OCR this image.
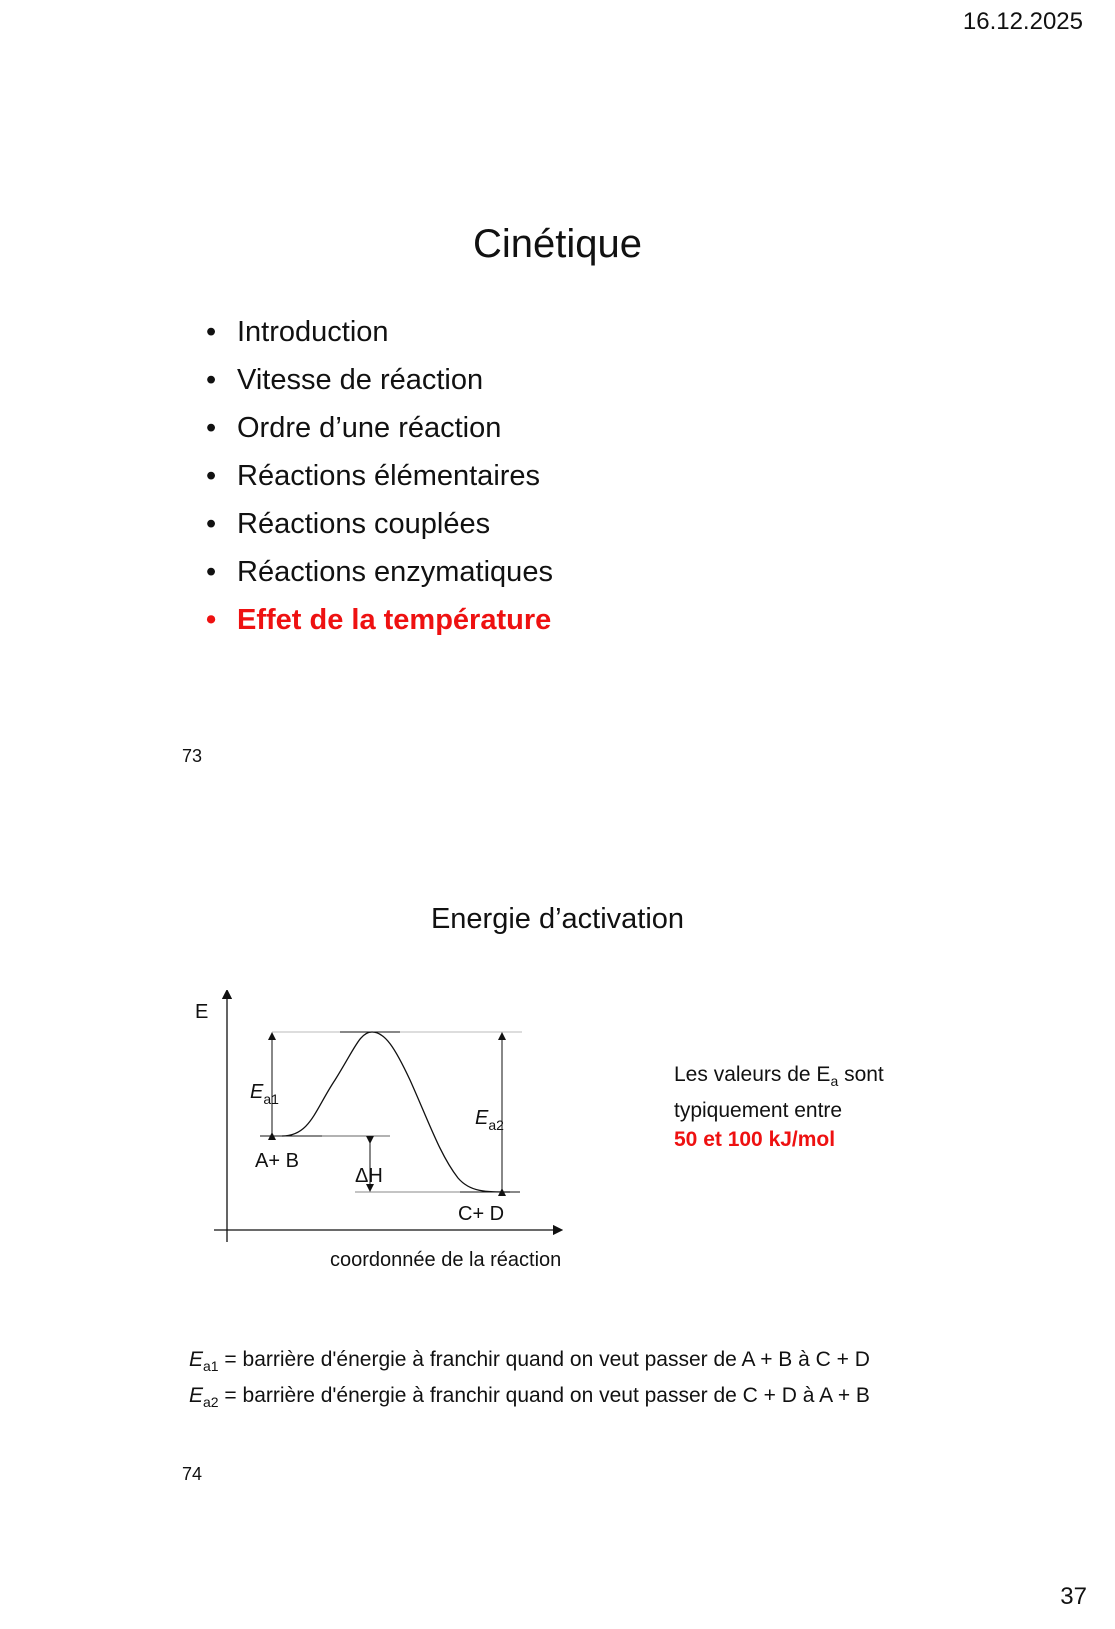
16.12.2025
37
Cinétique
• Introduction
• Vitesse de réaction
• Ordre d’une réaction
• Réactions élémentaires
• Réactions couplées
• Réactions enzymatiques
• Effet de la température
73
Energie d’activation
E
Ea1
Ea2
A+ B
ΔH
C+ D
coordonnée de la réaction
Les valeurs de $E_a$ sont
typiquement entre
50 et 100 kJ/mol
$E_{a1}$ = barrière d'énergie à franchir quand on veut passer de A + B à C + D
$E_{a2}$ = barrière d'énergie à franchir quand on veut passer de C + D à A + B
74
